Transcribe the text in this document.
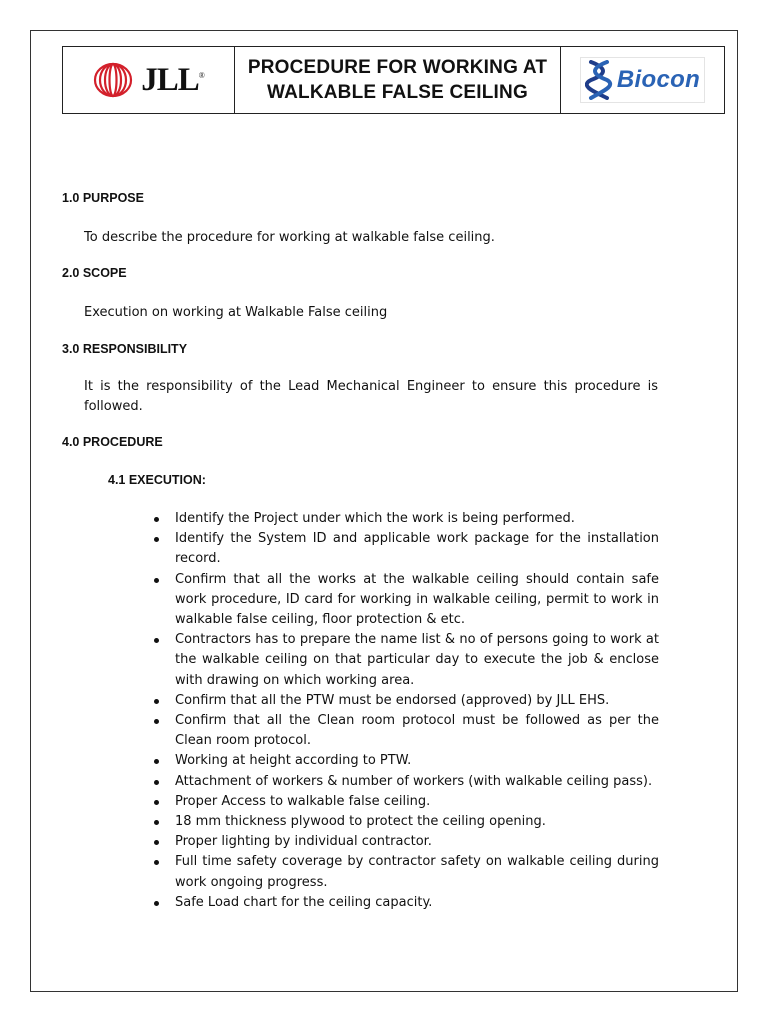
JLL® PROCEDURE FOR WORKING AT
WALKABLE FALSE CEILING	Biocon
1.0 PURPOSE
To describe the procedure for working at walkable false ceiling.
2.0 SCOPE
Execution on working at Walkable False ceiling
3.0 RESPONSIBILITY
It is the responsibility of the Lead Mechanical Engineer to ensure this procedure is followed.
4.0 PROCEDURE
4.1 EXECUTION:
Identify the Project under which the work is being performed.
Identify the System ID and applicable work package for the installation record.
Confirm that all the works at the walkable ceiling should contain safe work procedure, ID card for working in walkable ceiling, permit to work in walkable false ceiling, floor protection & etc.
Contractors has to prepare the name list & no of persons going to work at the walkable ceiling on that particular day to execute the job & enclose with drawing on which working area.
Confirm that all the PTW must be endorsed (approved) by JLL EHS.
Confirm that all the Clean room protocol must be followed as per the Clean room protocol.
Working at height according to PTW.
Attachment of workers & number of workers (with walkable ceiling pass).
Proper Access to walkable false ceiling.
18 mm thickness plywood to protect the ceiling opening.
Proper lighting by individual contractor.
Full time safety coverage by contractor safety on walkable ceiling during work ongoing progress.
Safe Load chart for the ceiling capacity.
